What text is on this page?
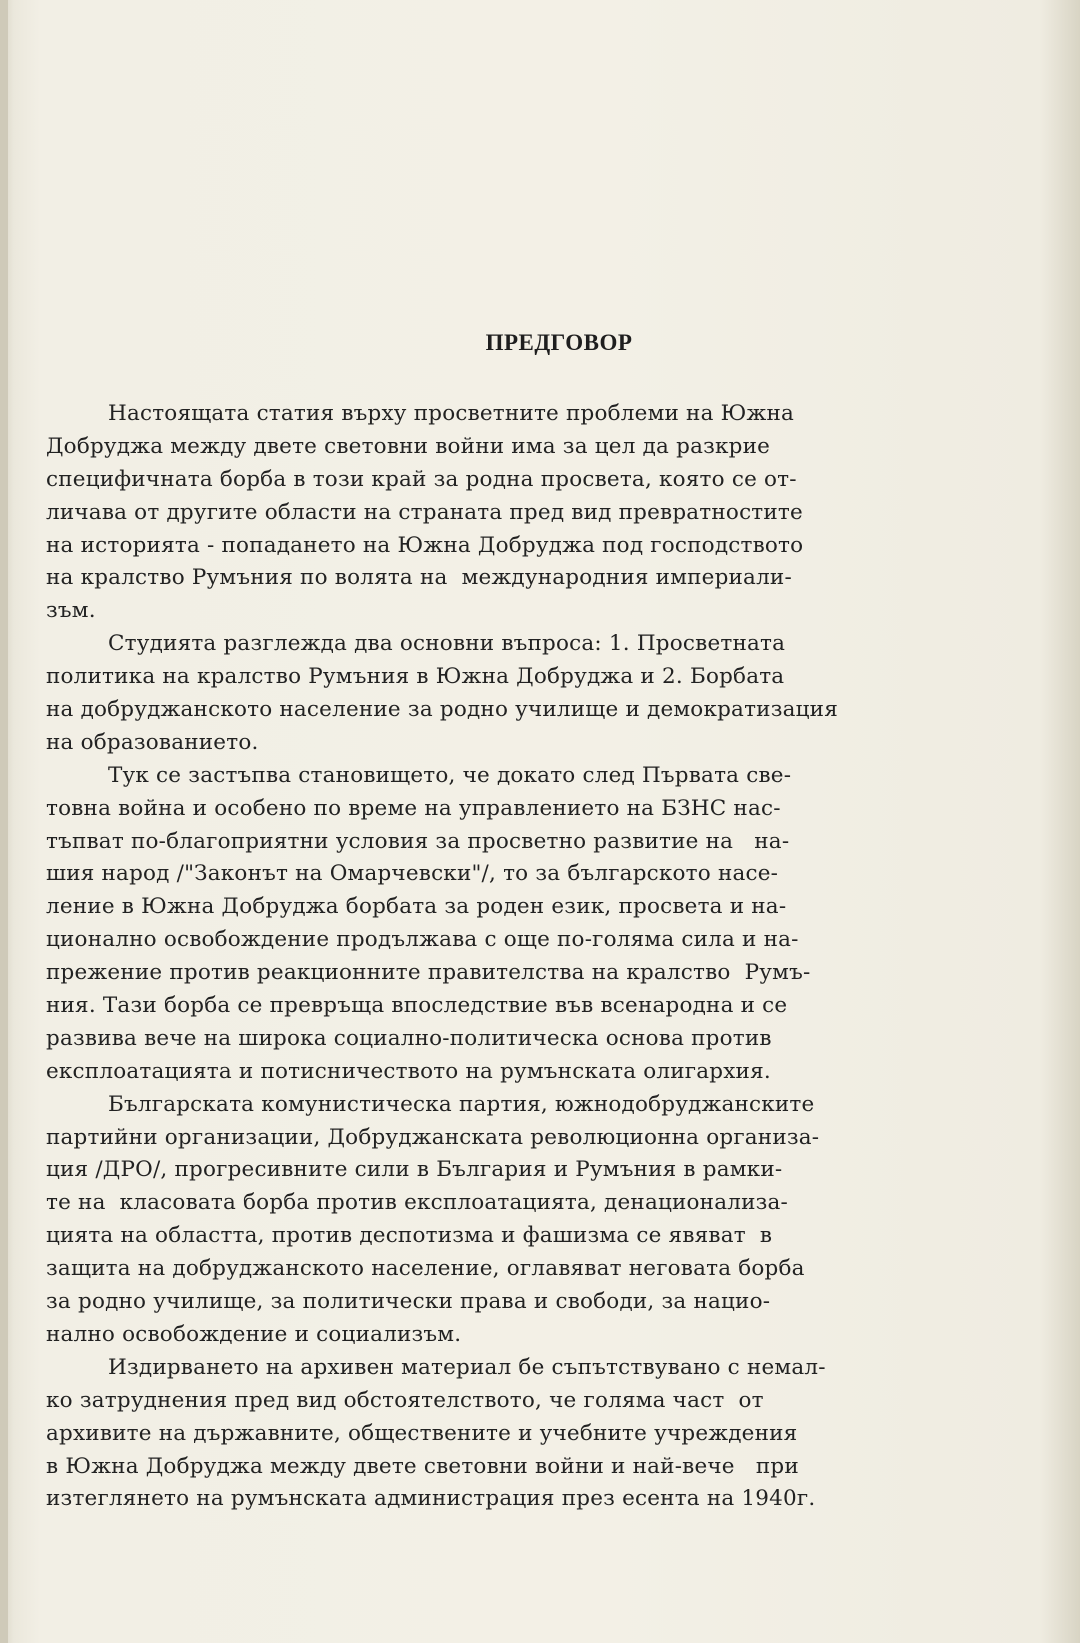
ПРЕДГОВОР
Настоящата статия върху просветните проблеми на Южна
Добруджа между двете световни войни има за цел да разкрие
специфичната борба в този край за родна просвета, която се от-
личава от другите области на страната пред вид превратностите
на историята - попадането на Южна Добруджа под господството
на кралство Румъния по волята на  международния империали-
зъм.
Студията разглежда два основни въпроса: 1. Просветната
политика на кралство Румъния в Южна Добруджа и 2. Борбата
на добруджанското население за родно училище и демократизация
на образованието.
Тук се застъпва становището, че докато след Първата све-
товна война и особено по време на управлението на БЗНС нас-
тъпват по-благоприятни условия за просветно развитие на   на-
шия народ /"Законът на Омарчевски"/, то за българското насе-
ление в Южна Добруджа борбата за роден език, просвета и на-
ционално освобождение продължава с още по-голяма сила и на-
прежение против реакционните правителства на кралство  Румъ-
ния. Тази борба се превръща впоследствие във всенародна и се
развива вече на широка социално-политическа основа против
експлоатацията и потисничеството на румънската олигархия.
Българската комунистическа партия, южнодобруджанските
партийни организации, Добруджанската революционна организа-
ция /ДРО/, прогресивните сили в България и Румъния в рамки-
те на  класовата борба против експлоатацията, денационализа-
цията на областта, против деспотизма и фашизма се явяват  в
защита на добруджанското население, оглавяват неговата борба
за родно училище, за политически права и свободи, за нацио-
нално освобождение и социализъм.
Издирването на архивен материал бе съпътствувано с немал-
ко затруднения пред вид обстоятелството, че голяма част  от
архивите на държавните, обществените и учебните учреждения
в Южна Добруджа между двете световни войни и най-вече   при
изтеглянето на румънската администрация през есента на 1940г.
